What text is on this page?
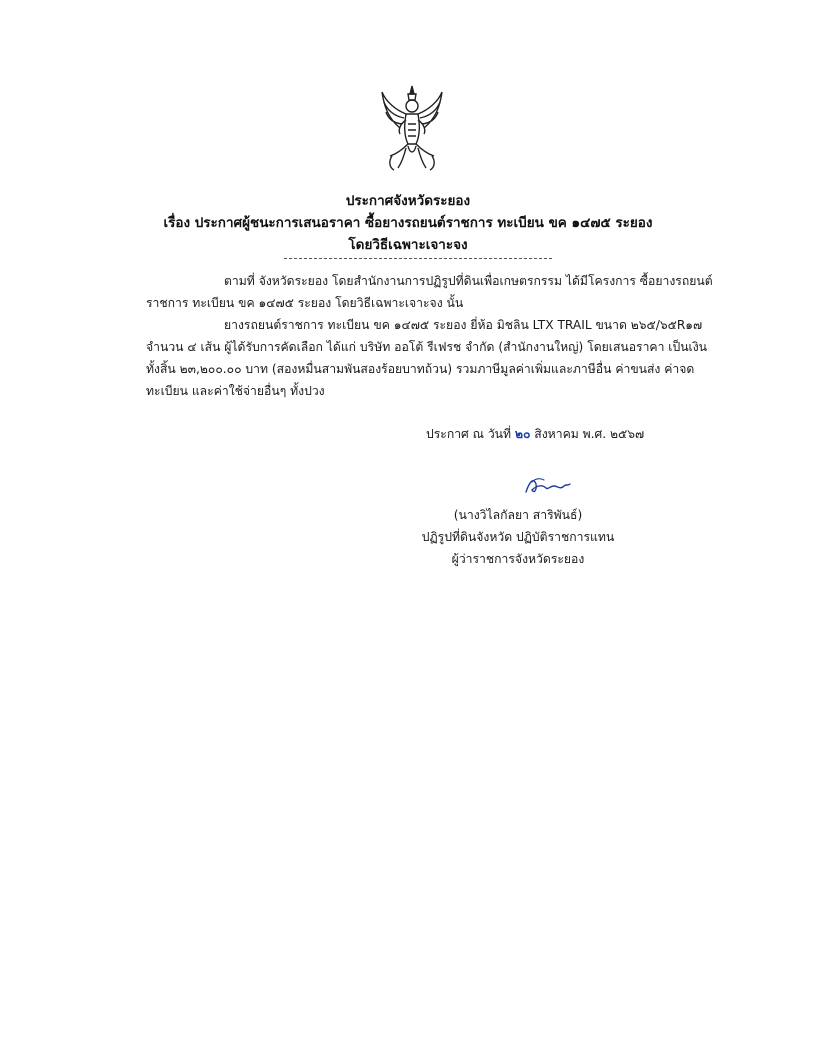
ประกาศจังหวัดระยอง
เรื่อง ประกาศผู้ชนะการเสนอราคา ซื้อยางรถยนต์ราชการ ทะเบียน ขค ๑๔๗๕ ระยอง
โดยวิธีเฉพาะเจาะจง
ตามที่ จังหวัดระยอง โดยสำนักงานการปฏิรูปที่ดินเพื่อเกษตรกรรม ได้มีโครงการ ซื้อยางรถยนต์
ราชการ ทะเบียน ขค ๑๔๗๕ ระยอง โดยวิธีเฉพาะเจาะจง นั้น
ยางรถยนต์ราชการ ทะเบียน ขค ๑๔๗๕ ระยอง ยี่ห้อ มิชลิน LTX TRAIL ขนาด ๒๖๕/๖๕R๑๗
จำนวน ๔ เส้น ผู้ได้รับการคัดเลือก ได้แก่ บริษัท ออโต้ รีเฟรช จำกัด (สำนักงานใหญ่) โดยเสนอราคา เป็นเงิน
ทั้งสิ้น ๒๓,๒๐๐.๐๐ บาท (สองหมื่นสามพันสองร้อยบาทถ้วน) รวมภาษีมูลค่าเพิ่มและภาษีอื่น ค่าขนส่ง ค่าจด
ทะเบียน และค่าใช้จ่ายอื่นๆ ทั้งปวง
ประกาศ ณ วันที่ ๒๐ สิงหาคม พ.ศ. ๒๕๖๗
(นางวิไลกัลยา สาริพันธ์)
ปฏิรูปที่ดินจังหวัด ปฏิบัติราชการแทน
ผู้ว่าราชการจังหวัดระยอง
